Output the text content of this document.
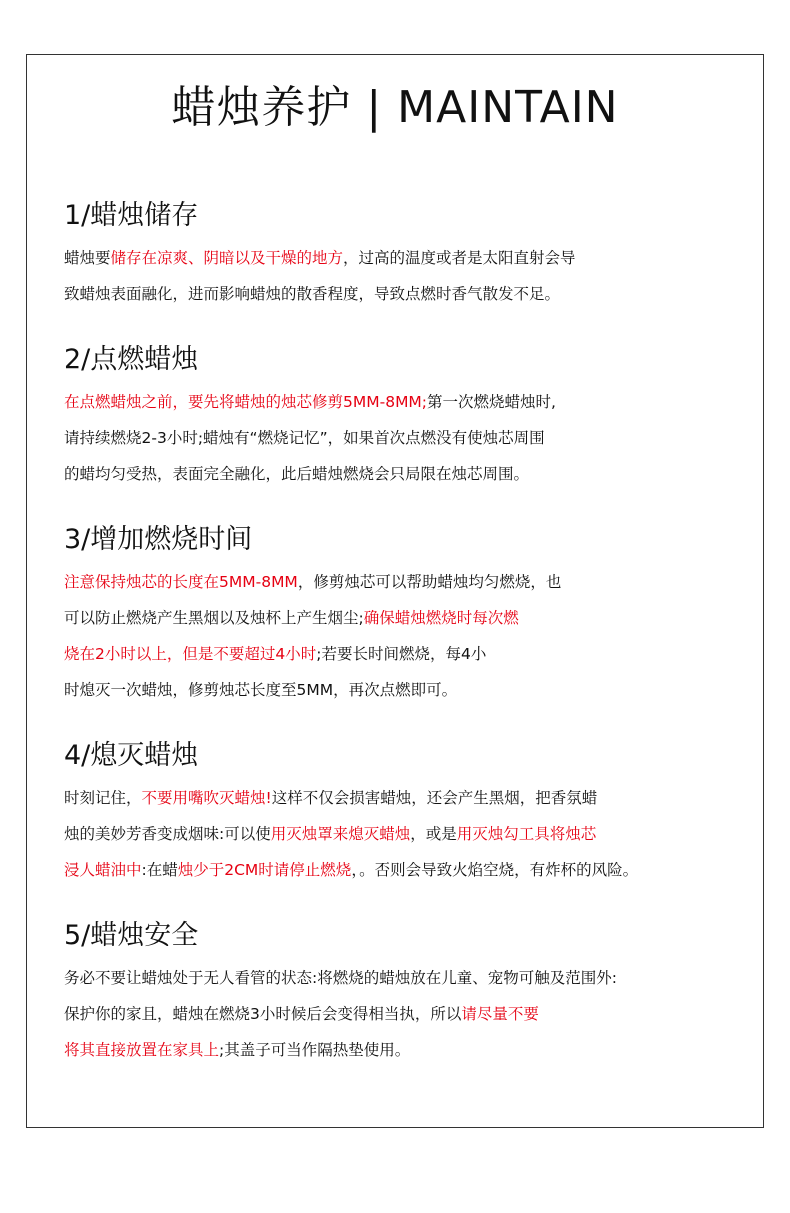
蜡烛养护 | MAINTAIN
1/蜡烛储存
蜡烛要储存在凉爽、阴暗以及干燥的地方，过高的温度或者是太阳直射会导
致蜡烛表面融化，进而影响蜡烛的散香程度，导致点燃时香气散发不足。
2/点燃蜡烛
在点燃蜡烛之前，要先将蜡烛的烛芯修剪5MM-8MM;第一次燃烧蜡烛时,
请持续燃烧2-3小时;蜡烛有“燃烧记忆”，如果首次点燃没有使烛芯周围
的蜡均匀受热，表面完全融化，此后蜡烛燃烧会只局限在烛芯周围。
3/增加燃烧时间
注意保持烛芯的长度在5MM-8MM，修剪烛芯可以帮助蜡烛均匀燃烧，也
可以防止燃烧产生黑烟以及烛杯上产生烟尘;确保蜡烛燃烧时每次燃
烧在2小时以上，但是不要超过4小时;若要长时间燃烧，每4小
时熄灭一次蜡烛，修剪烛芯长度至5MM，再次点燃即可。
4/熄灭蜡烛
时刻记住，不要用嘴吹灭蜡烛!这样不仅会损害蜡烛，还会产生黑烟，把香氛蜡
烛的美妙芳香变成烟味:可以使用灭烛罩来熄灭蜡烛，或是用灭烛勾工具将烛芯
浸人蜡油中:在蜡烛少于2CM时请停止燃烧，。否则会导致火焰空烧，有炸杯的风险。
5/蜡烛安全
务必不要让蜡烛处于无人看管的状态:将燃烧的蜡烛放在儿童、宠物可触及范围外:
保护你的家且，蜡烛在燃烧3小时候后会变得相当执，所以请尽量不要
将其直接放置在家具上;其盖子可当作隔热垫使用。
